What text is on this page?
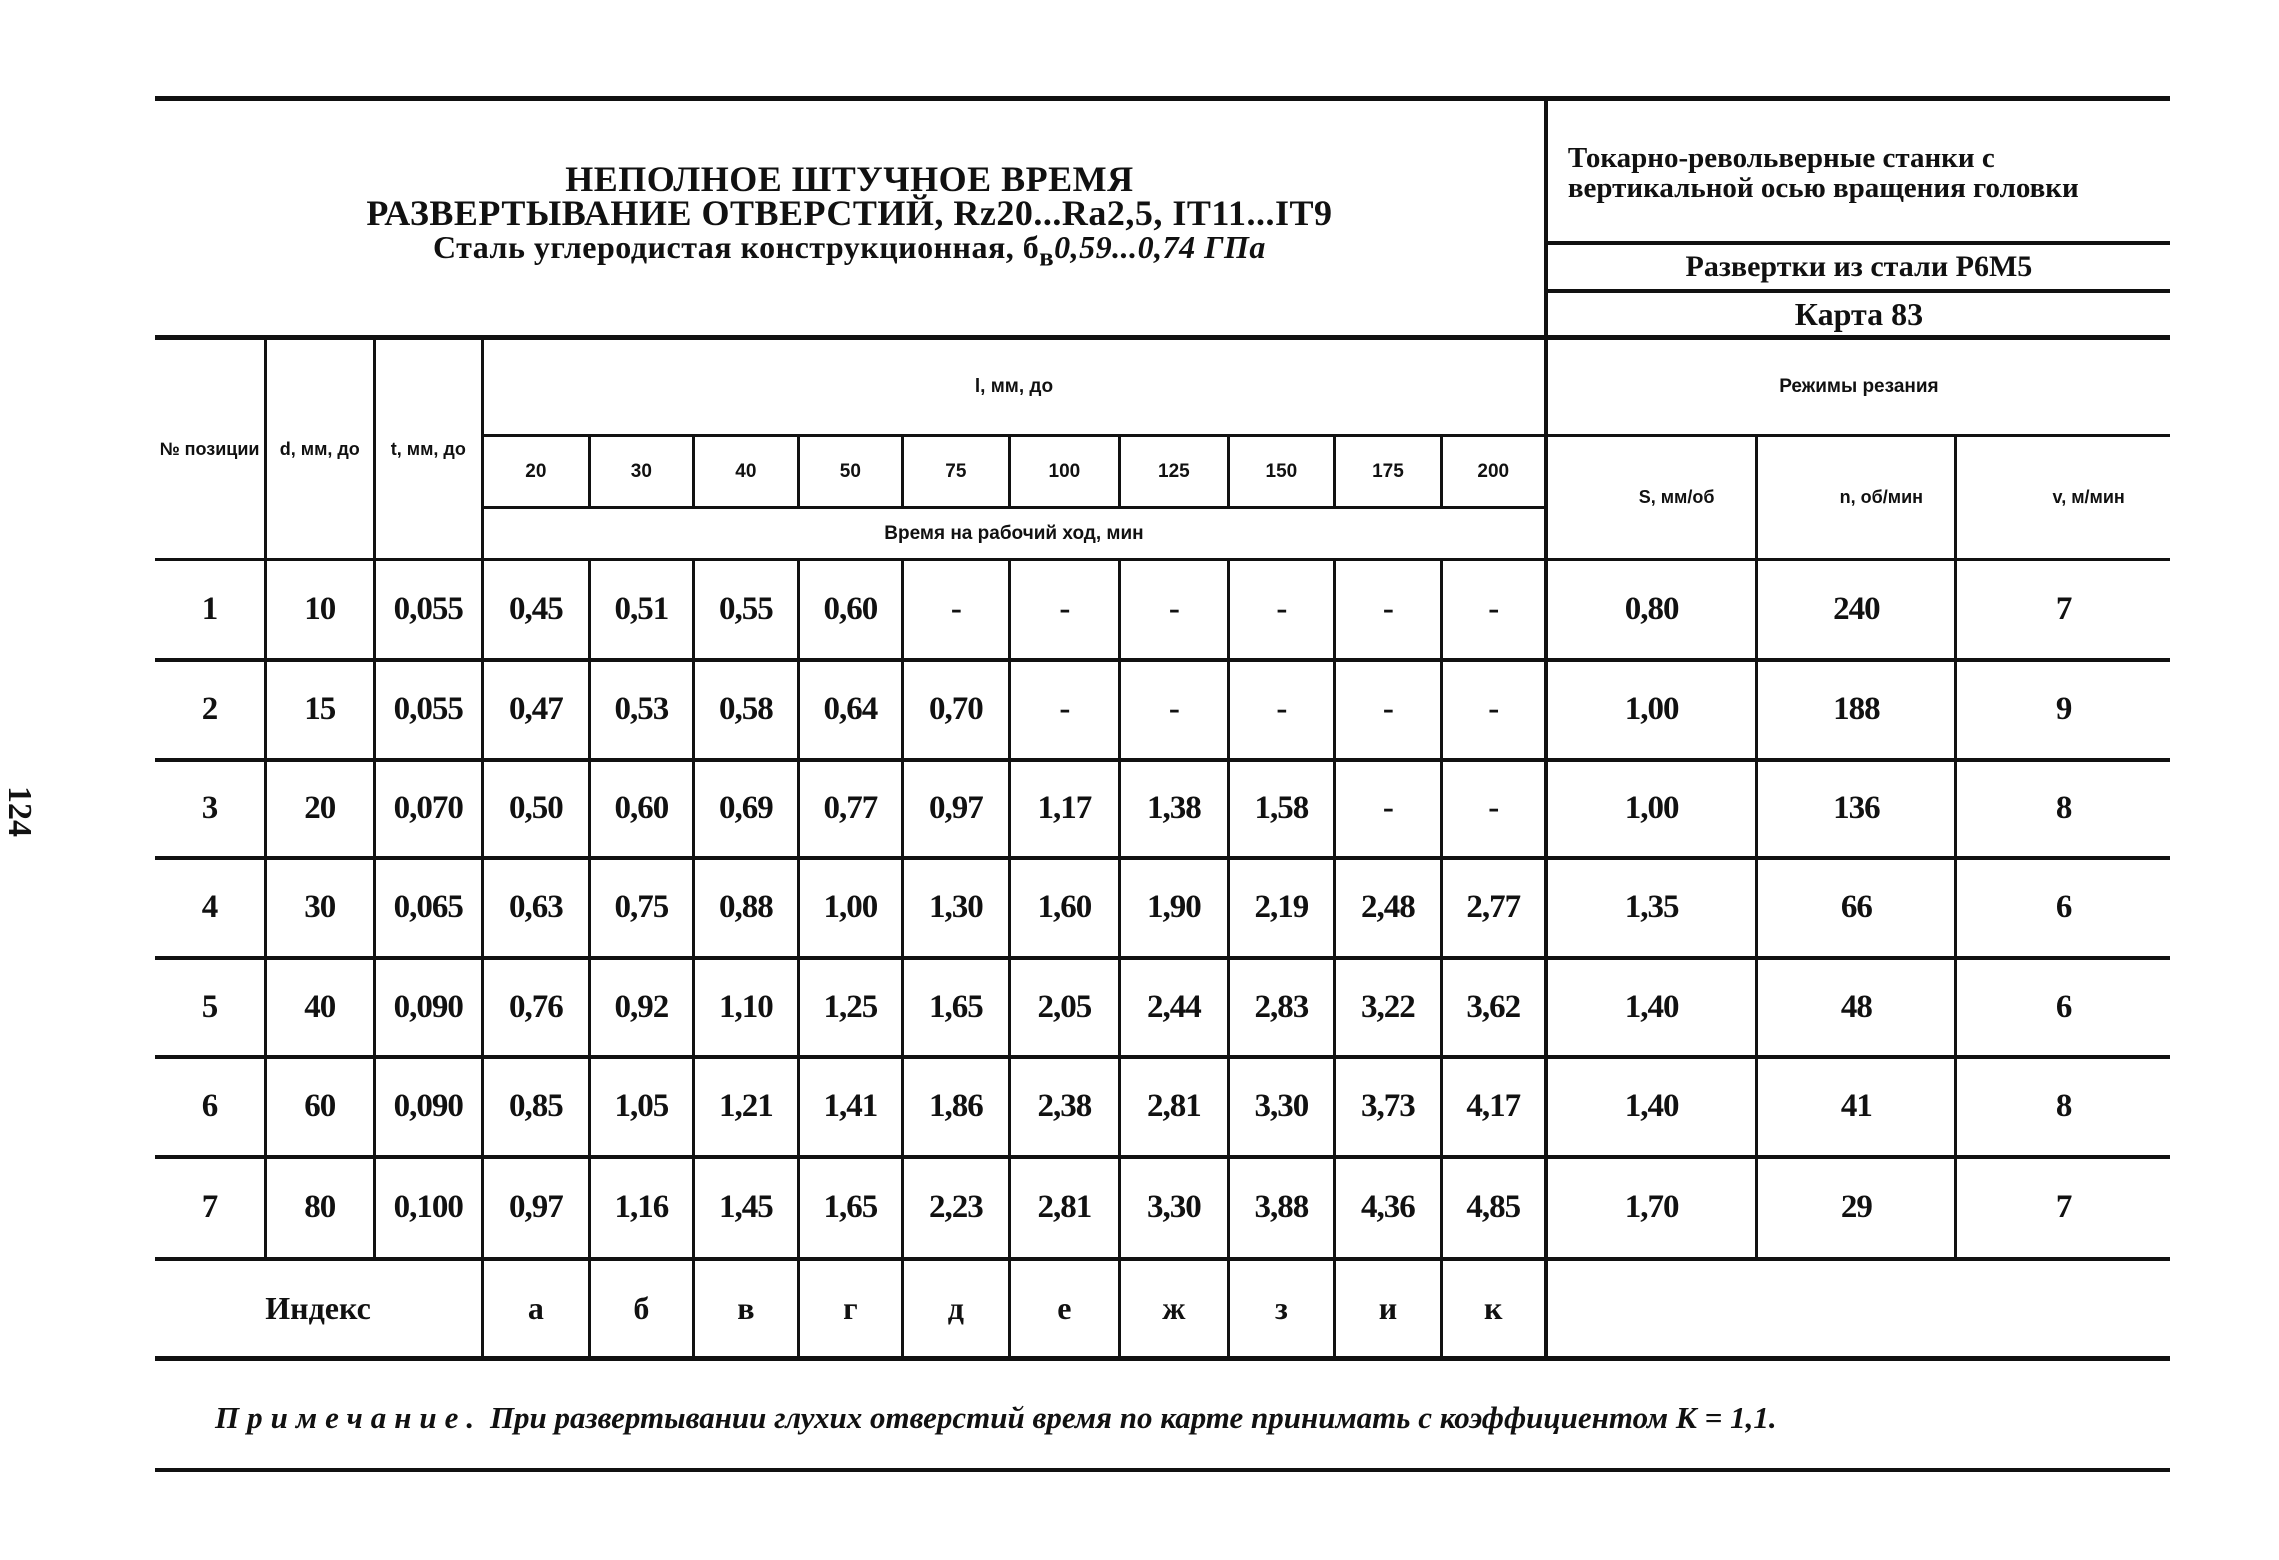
124
НЕПОЛНОЕ ШТУЧНОЕ ВРЕМЯ
РАЗВЕРТЫВАНИЕ ОТВЕРСТИЙ, Rz20...Ra2,5, IT11...IT9
Сталь углеродистая конструкционная, $б_в0,59...0,74$ ГПа													Токарно-револьверные станки с вертикальной осью вращения головки		

													Развертки из стали Р6М5		
													Карта 83		
№ позиции	d, мм, до	t, мм, до	l, мм, до										Режимы резания		
			20	30	40	50	75	100	125	150	175	200	S, мм/об	n, об/мин	v, м/мин
			Время на рабочий ход, мин												
1	10	0,055	0,45	0,51	0,55	0,60	-	-	-	-	-	-	0,80	240	7
2	15	0,055	0,47	0,53	0,58	0,64	0,70	-	-	-	-	-	1,00	188	9
3	20	0,070	0,50	0,60	0,69	0,77	0,97	1,17	1,38	1,58	-	-	1,00	136	8
4	30	0,065	0,63	0,75	0,88	1,00	1,30	1,60	1,90	2,19	2,48	2,77	1,35	66	6
5	40	0,090	0,76	0,92	1,10	1,25	1,65	2,05	2,44	2,83	3,22	3,62	1,40	48	6
6	60	0,090	0,85	1,05	1,21	1,41	1,86	2,38	2,81	3,30	3,73	4,17	1,40	41	8
7	80	0,100	0,97	1,16	1,45	1,65	2,23	2,81	3,30	3,88	4,36	4,85	1,70	29	7
Индекс			а	б	в	г	д	е	ж	з	и	к			

Примечание. При развертывании глухих отверстий время по карте принимать с коэффициентом К = 1,1.
